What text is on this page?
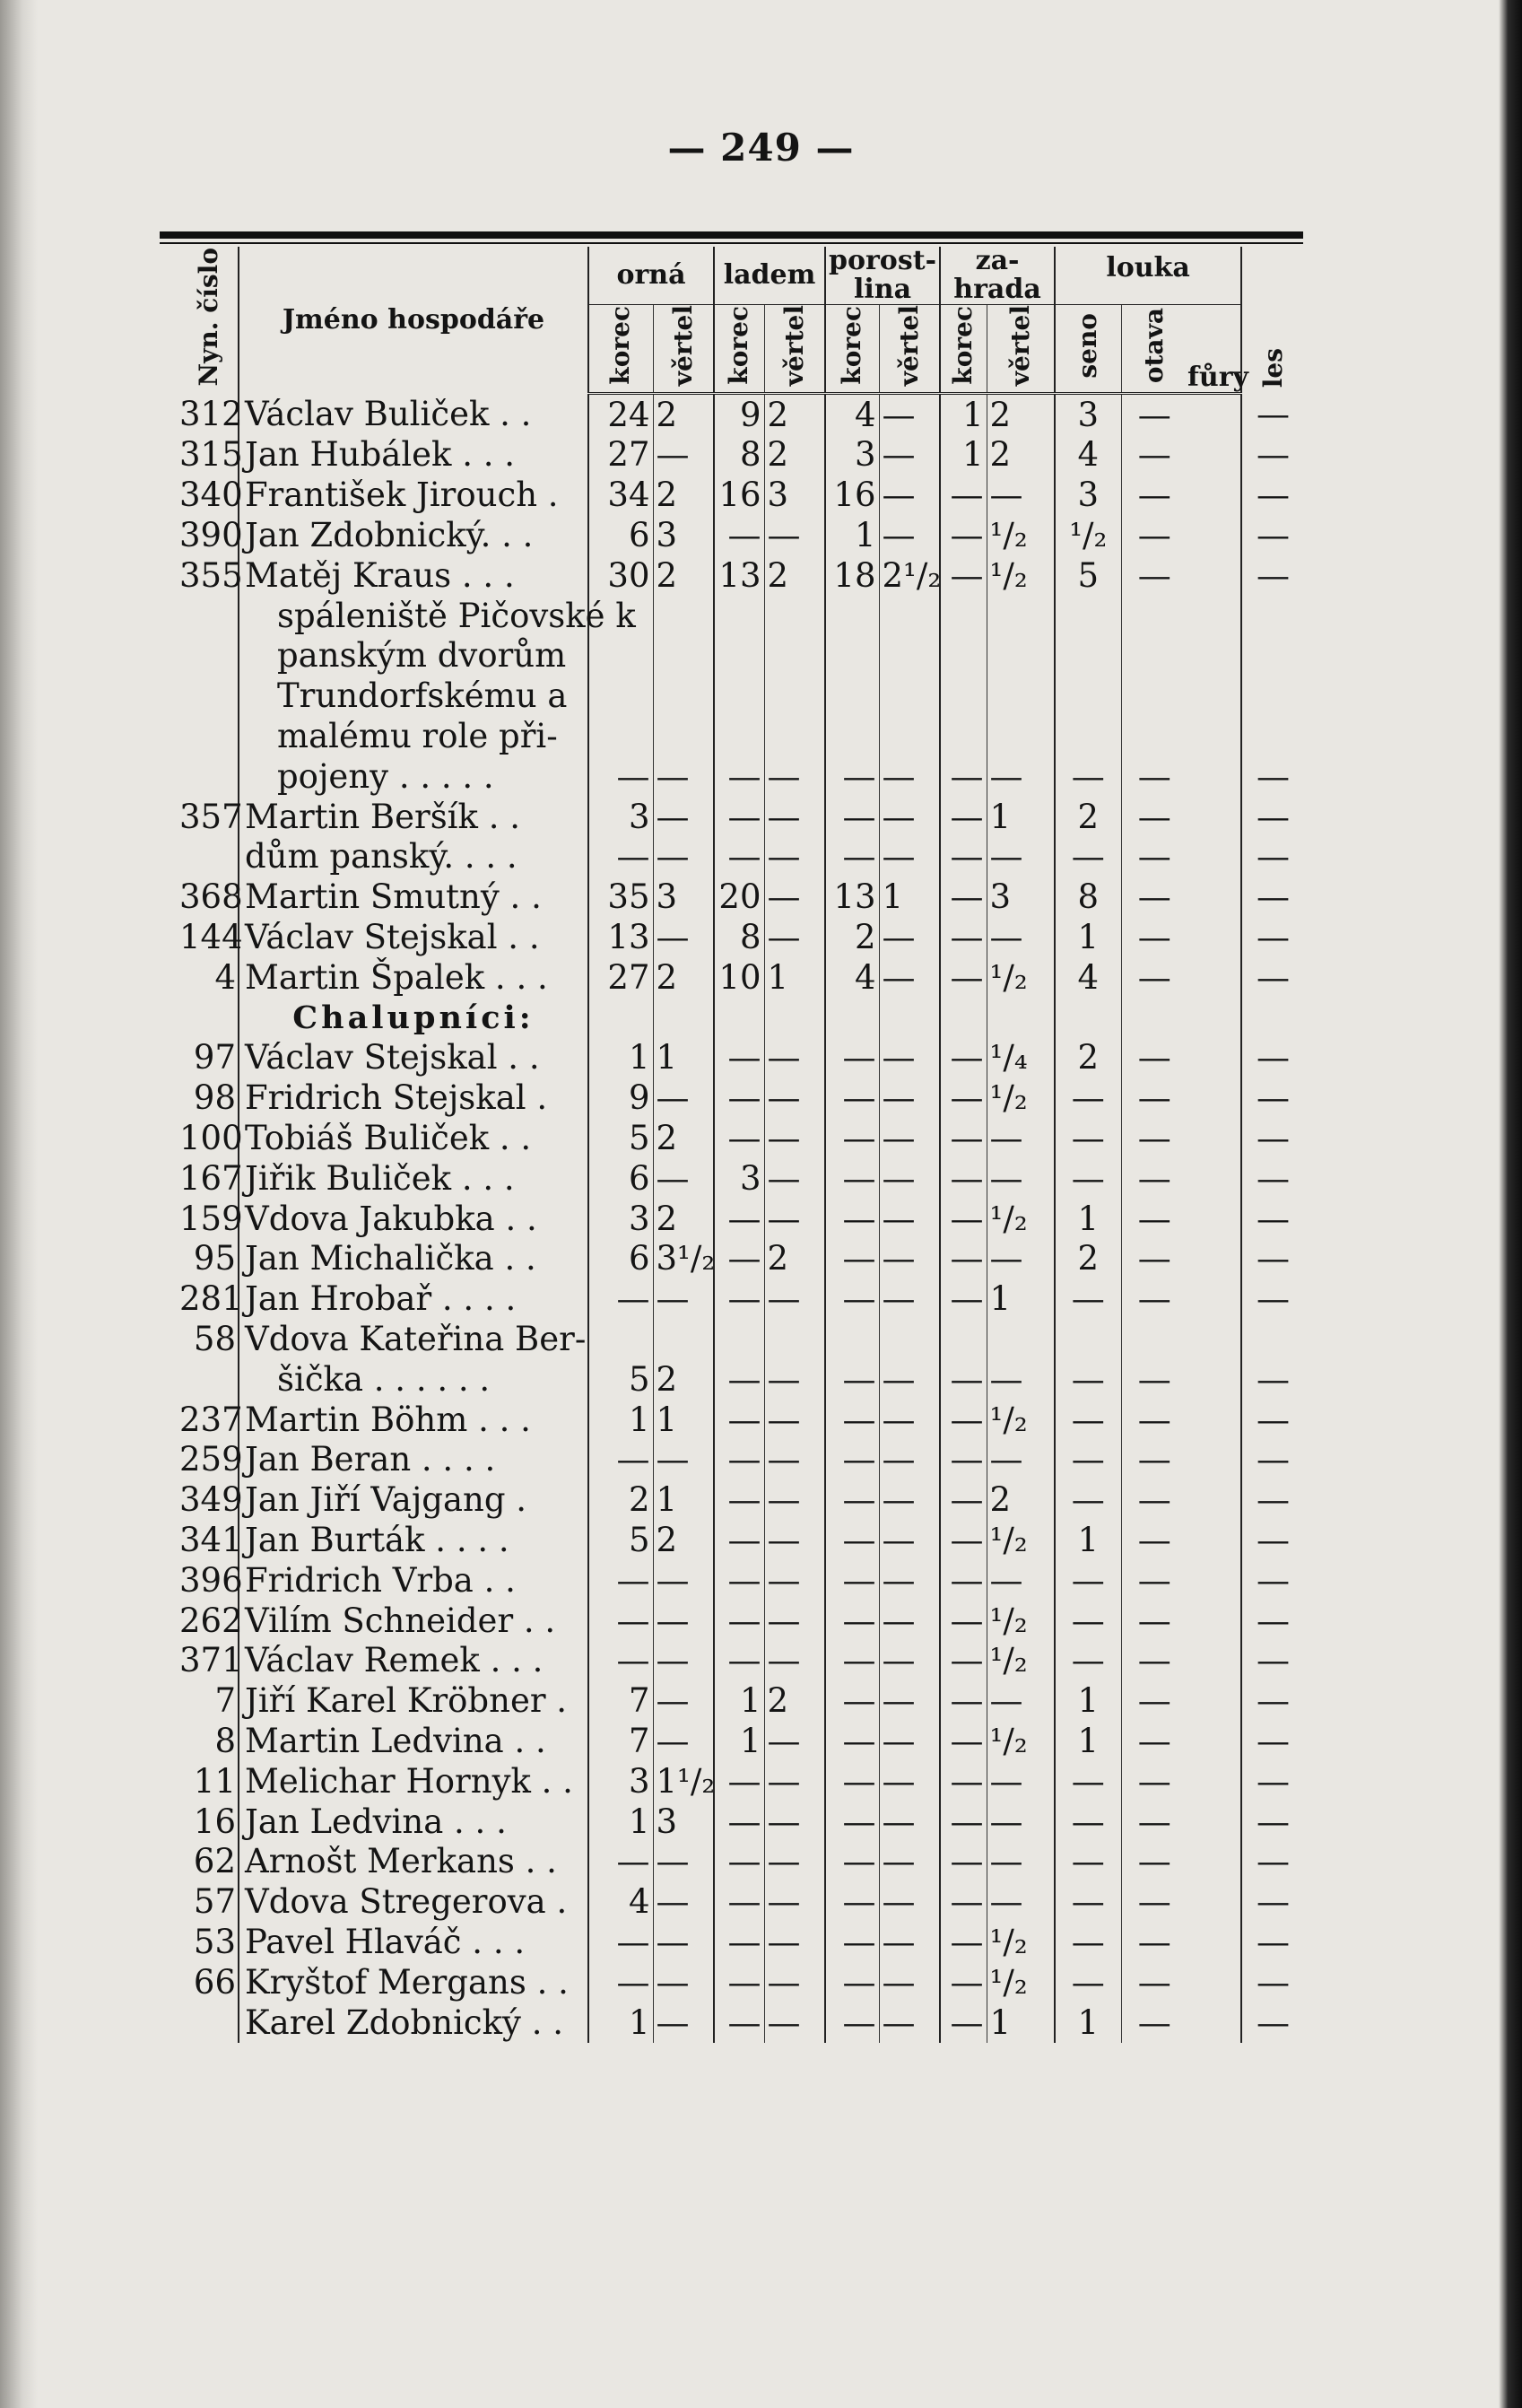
— 249 —
Nyn. číslo	Jméno hospodáře	orná		ladem		porost-lina		za-hrada		louka			les
		korec	věrtel	korec	věrtel	korec	věrtel	korec	věrtel	seno	otava	fůry	
312	Václav Buliček . .	24	2	9	2	4	—	1	2	3	—		—
315	Jan Hubálek . . .	27	—	8	2	3	—	1	2	4	—		—
340	František Jirouch .	34	2	16	3	16	—	—	—	3	—		—
390	Jan Zdobnický. . .	6	3	—	—	1	—	—	¹/₂	¹/₂	—		—
355	Matěj Kraus . . .	30	2	13	2	18	2¹/₂	—	¹/₂	5	—		—
	spáleniště Pičovské k												
	panským dvorům												
	Trundorfskému a												
	malému role při-												
	pojeny . . . . .	—	—	—	—	—	—	—	—	—	—		—
357	Martin Beršík . .	3	—	—	—	—	—	—	1	2	—		—
	dům panský. . . .	—	—	—	—	—	—	—	—	—	—		—
368	Martin Smutný . .	35	3	20	—	13	1	—	3	8	—		—
144	Václav Stejskal . .	13	—	8	—	2	—	—	—	1	—		—
4	Martin Špalek . . .	27	2	10	1	4	—	—	¹/₂	4	—		—
	Chalupníci:												
97	Václav Stejskal . .	1	1	—	—	—	—	—	¹/₄	2	—		—
98	Fridrich Stejskal .	9	—	—	—	—	—	—	¹/₂	—	—		—
100	Tobiáš Buliček . .	5	2	—	—	—	—	—	—	—	—		—
167	Jiřik Buliček . . .	6	—	3	—	—	—	—	—	—	—		—
159	Vdova Jakubka . .	3	2	—	—	—	—	—	¹/₂	1	—		—
95	Jan Michalička . .	6	3¹/₂	—	2	—	—	—	—	2	—		—
281	Jan Hrobař . . . .	—	—	—	—	—	—	—	1	—	—		—
58	Vdova Kateřina Ber-												
	šička . . . . . .	5	2	—	—	—	—	—	—	—	—		—
237	Martin Böhm . . .	1	1	—	—	—	—	—	¹/₂	—	—		—
259	Jan Beran . . . .	—	—	—	—	—	—	—	—	—	—		—
349	Jan Jiří Vajgang .	2	1	—	—	—	—	—	2	—	—		—
341	Jan Burták . . . .	5	2	—	—	—	—	—	¹/₂	1	—		—
396	Fridrich Vrba . .	—	—	—	—	—	—	—	—	—	—		—
262	Vilím Schneider . .	—	—	—	—	—	—	—	¹/₂	—	—		—
371	Václav Remek . . .	—	—	—	—	—	—	—	¹/₂	—	—		—
7	Jiří Karel Kröbner .	7	—	1	2	—	—	—	—	1	—		—
8	Martin Ledvina . .	7	—	1	—	—	—	—	¹/₂	1	—		—
11	Melichar Hornyk . .	3	1¹/₂	—	—	—	—	—	—	—	—		—
16	Jan Ledvina . . .	1	3	—	—	—	—	—	—	—	—		—
62	Arnošt Merkans . .	—	—	—	—	—	—	—	—	—	—		—
57	Vdova Stregerova .	4	—	—	—	—	—	—	—	—	—		—
53	Pavel Hlaváč . . .	—	—	—	—	—	—	—	¹/₂	—	—		—
66	Kryštof Mergans . .	—	—	—	—	—	—	—	¹/₂	—	—		—
	Karel Zdobnický . .	1	—	—	—	—	—	—	1	1	—		—
